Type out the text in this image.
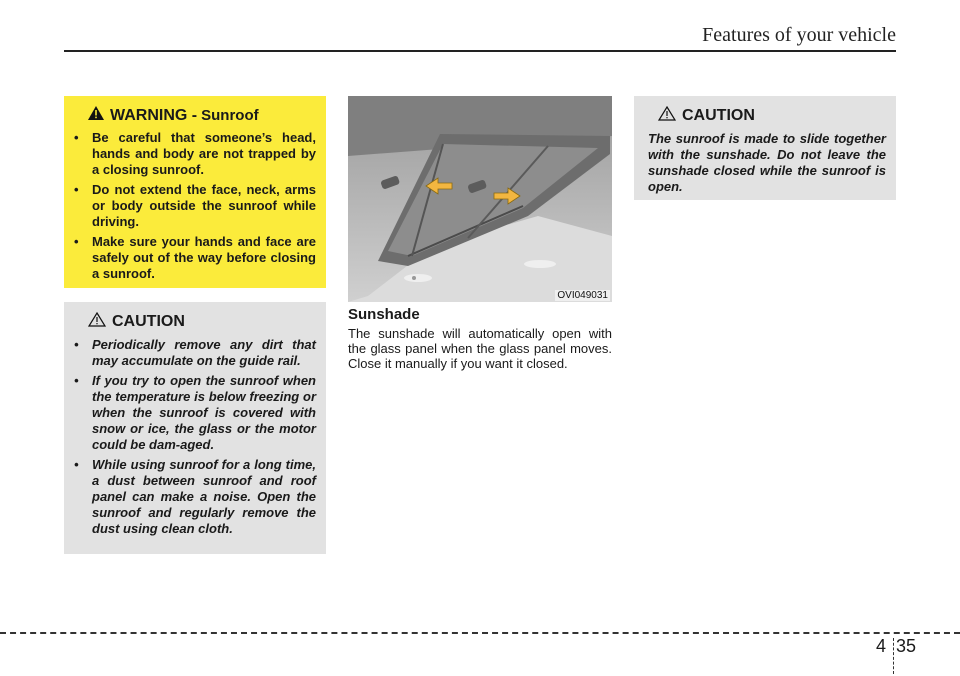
Features of your vehicle
WARNING - Sunroof
• Be careful that someone’s head, hands and body are not trapped by a closing sunroof.
• Do not extend the face, neck, arms or body outside the sunroof while driving.
• Make sure your hands and face are safely out of the way before closing a sunroof.
CAUTION
• Periodically remove any dirt that may accumulate on the guide rail.
• If you try to open the sunroof when the temperature is below freezing or when the sunroof is covered with snow or ice, the glass or the motor could be dam-aged.
• While using sunroof for a long time, a dust between sunroof and roof panel can make a noise. Open the sunroof and regularly remove the dust using clean cloth.
OVI049031
Sunshade
The sunshade will automatically open with the glass panel when the glass panel moves. Close it manually if you want it closed.
CAUTION

The sunroof is made to slide together with the sunshade. Do not leave the sunshade closed while the sunroof is open.

4 35
